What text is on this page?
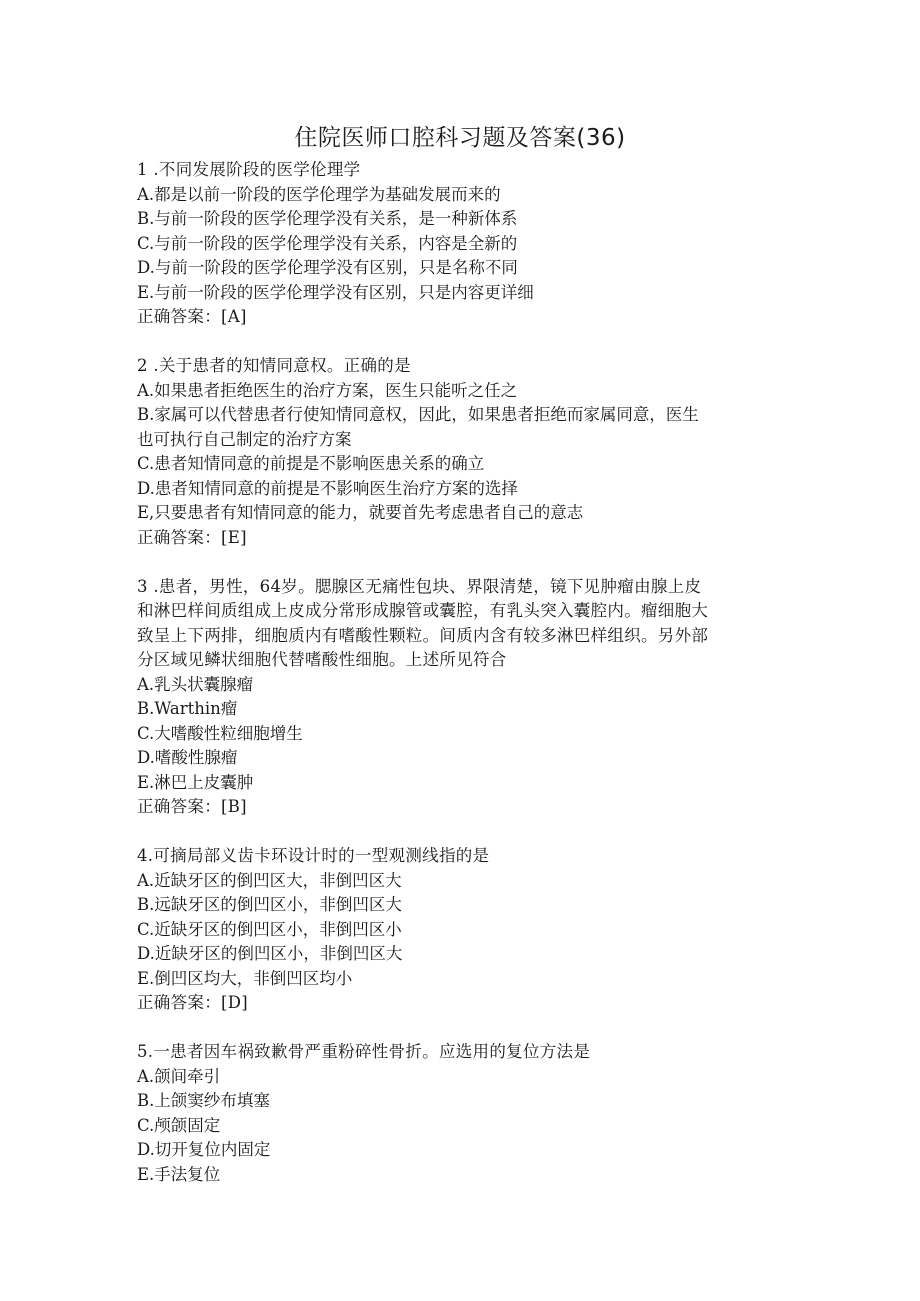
住院医师口腔科习题及答案(36)

1 .不同发展阶段的医学伦理学

A.都是以前一阶段的医学伦理学为基础发展而来的

B.与前一阶段的医学伦理学没有关系，是一种新体系

C.与前一阶段的医学伦理学没有关系，内容是全新的

D.与前一阶段的医学伦理学没有区别，只是名称不同

E.与前一阶段的医学伦理学没有区别，只是内容更详细

正确答案：[A]

2 .关于患者的知情同意权。正确的是

A.如果患者拒绝医生的治疗方案，医生只能听之任之

B.家属可以代替患者行使知情同意权，因此，如果患者拒绝而家属同意，医生

也可执行自己制定的治疗方案

C.患者知情同意的前提是不影响医患关系的确立

D.患者知情同意的前提是不影响医生治疗方案的选择

E,只要患者有知情同意的能力，就要首先考虑患者自己的意志

正确答案：[E]

3 .患者，男性，64岁。腮腺区无痛性包块、界限清楚，镜下见肿瘤由腺上皮

和淋巴样间质组成上皮成分常形成腺管或囊腔，有乳头突入囊腔内。瘤细胞大

致呈上下两排，细胞质内有嗜酸性颗粒。间质内含有较多淋巴样组织。另外部

分区域见鳞状细胞代替嗜酸性细胞。上述所见符合

A.乳头状囊腺瘤

B.Warthin瘤

C.大嗜酸性粒细胞增生

D.嗜酸性腺瘤

E.淋巴上皮囊肿

正确答案：[B]

4.可摘局部义齿卡环设计时的一型观测线指的是

A.近缺牙区的倒凹区大，非倒凹区大

B.远缺牙区的倒凹区小，非倒凹区大

C.近缺牙区的倒凹区小，非倒凹区小

D.近缺牙区的倒凹区小，非倒凹区大

E.倒凹区均大，非倒凹区均小

正确答案：[D]

5.一患者因车祸致歉骨严重粉碎性骨折。应选用的复位方法是

A.颌间牵引

B.上颌窦纱布填塞

C.颅颌固定

D.切开复位内固定

E.手法复位
